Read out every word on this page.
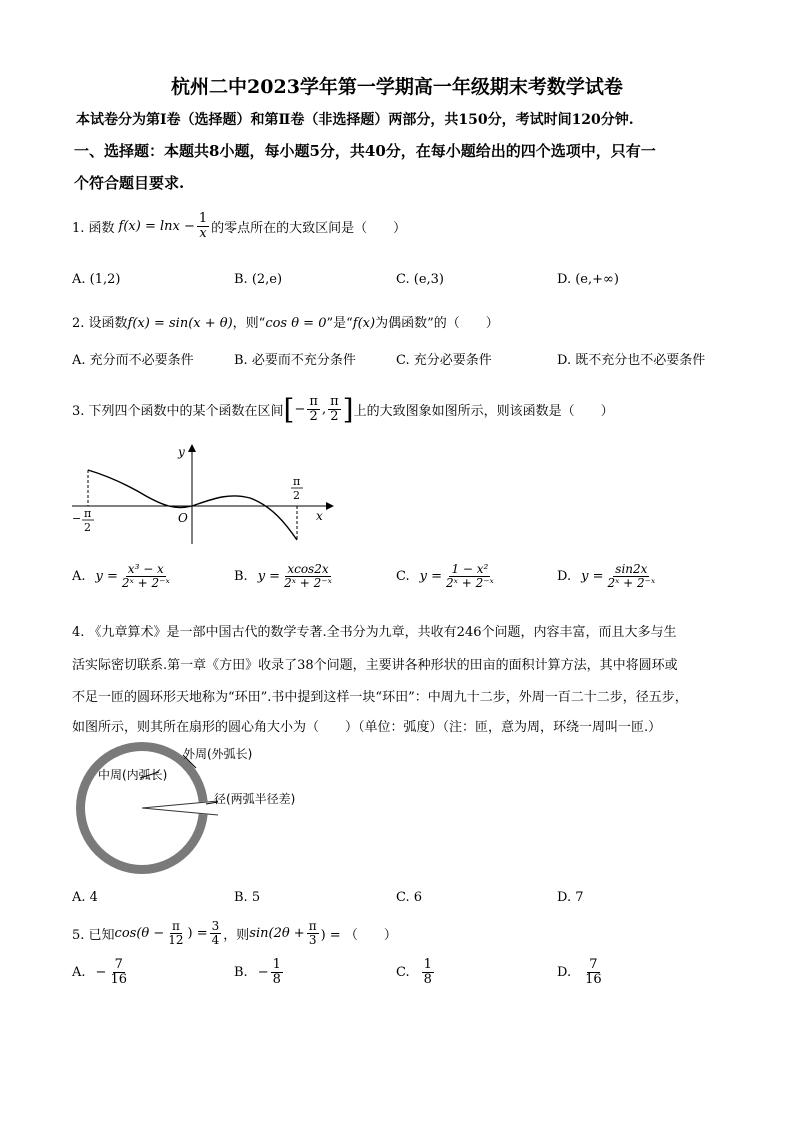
杭州二中2023学年第一学期高一年级期末考数学试卷
本试卷分为第Ⅰ卷（选择题）和第Ⅱ卷（非选择题）两部分，共150分，考试时间120分钟.
一、选择题：本题共8小题，每小题5分，共40分，在每小题给出的四个选项中，只有一
个符合题目要求.
1. 函数 $f(x) = \ln x - \frac{1}{x}$ 的零点所在的大致区间是（　　）
A. (1,2)	B. (2,e)	C. (e,3)	D. (e,+∞)
2. 设函数f(x) = sin(x + θ)，则“cos θ = 0”是“f(x)为偶函数”的（　　）
A. 充分而不必要条件	B. 必要而不充分条件	C. 充分必要条件	D. 既不充分也不必要条件
3. 下列四个函数中的某个函数在区间 [ − $\frac{\pi}{2}$ , $\frac{\pi}{2}$ ] 上的大致图象如图所示，则该函数是（　　）
y
x
O
− π
2
π
2
A. $y = \frac{\text{x³ − x}}{\text{2ˣ + 2⁻ˣ}}$	B. $y = \frac{xcos2x}{\text{2ˣ + 2⁻ˣ}}$	C. $y = \frac{\text{1 − x²}}{\text{2ˣ + 2⁻ˣ}}$	D. $y = \frac{\sin 2x}{\text{2ˣ + 2⁻ˣ}}$
4. 《九章算术》是一部中国古代的数学专著.全书分为九章，共收有246个问题，内容丰富，而且大多与生
活实际密切联系.第一章《方田》收录了38个问题，主要讲各种形状的田亩的面积计算方法，其中将圆环或
不足一匝的圆环形天地称为“环田”.书中提到这样一块“环田”：中周九十二步，外周一百二十二步，径五步，
如图所示，则其所在扇形的圆心角大小为（　　）（单位：弧度）（注：匝，意为周，环绕一周叫一匝.）
外周(外弧长)
中周(内弧长)
径(两弧半径差)
A. 4	B. 5	C. 6	D. 7
5. 已知 $\cos(\theta - \frac{\pi}{12}$ ) = $\frac{3}{4}$ ，则 $\sin(2\theta + \frac{\pi}{3}$ ) = （　　）
A. − $\frac{7}{16}$	B. − $\frac{1}{8}$	C. $\frac{1}{8}$	D. $\frac{7}{16}$
